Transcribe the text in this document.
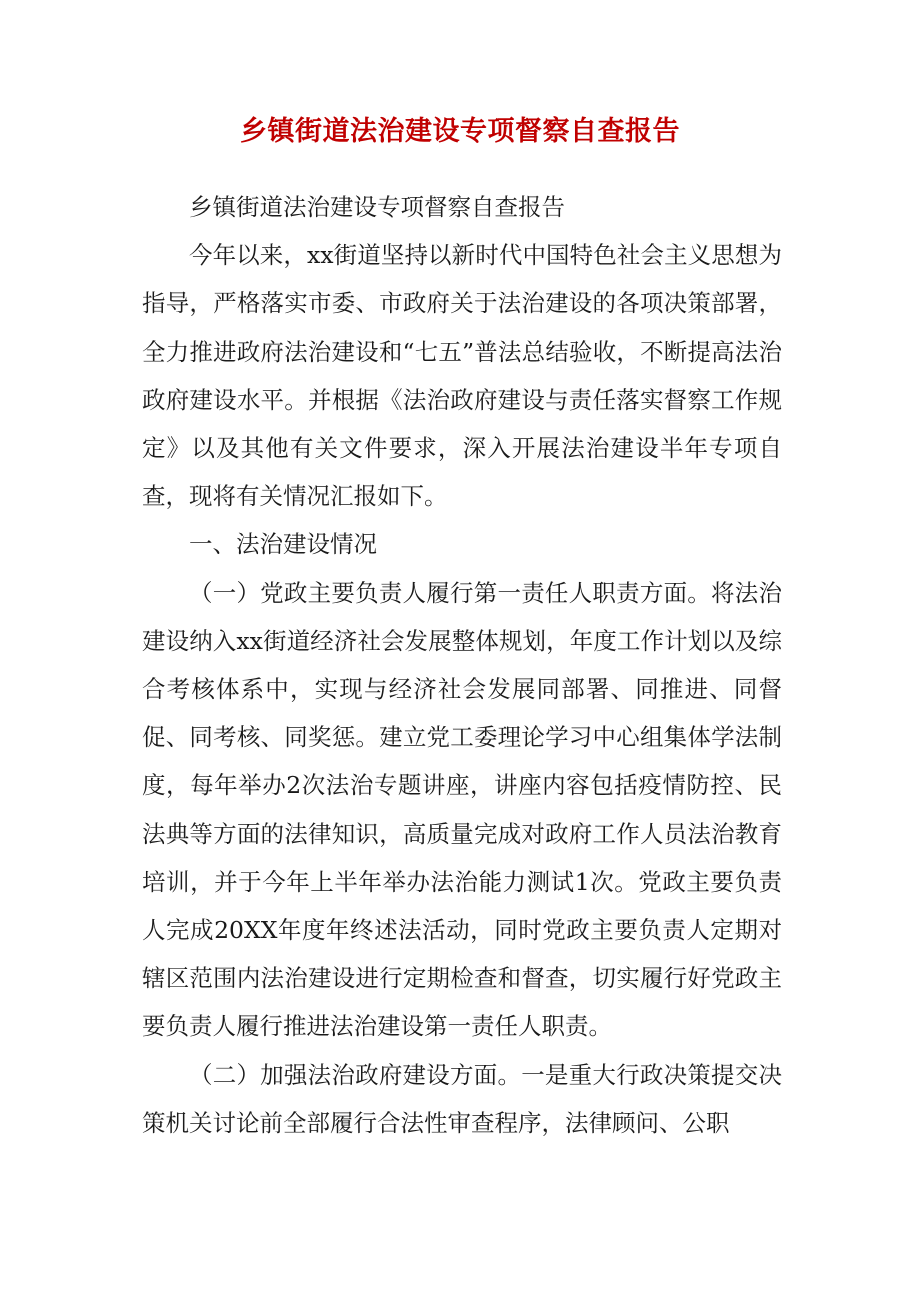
乡镇街道法治建设专项督察自查报告

乡镇街道法治建设专项督察自查报告

今年以来，xx街道坚持以新时代中国特色社会主义思想为指导，严格落实市委、市政府关于法治建设的各项决策部署，全力推进政府法治建设和“七五”普法总结验收，不断提高法治政府建设水平。并根据《法治政府建设与责任落实督察工作规定》以及其他有关文件要求，深入开展法治建设半年专项自查，现将有关情况汇报如下。

一、法治建设情况

（一）党政主要负责人履行第一责任人职责方面。将法治建设纳入xx街道经济社会发展整体规划，年度工作计划以及综合考核体系中，实现与经济社会发展同部署、同推进、同督促、同考核、同奖惩。建立党工委理论学习中心组集体学法制度，每年举办2次法治专题讲座，讲座内容包括疫情防控、民法典等方面的法律知识，高质量完成对政府工作人员法治教育培训，并于今年上半年举办法治能力测试1次。党政主要负责人完成20XX年度年终述法活动，同时党政主要负责人定期对辖区范围内法治建设进行定期检查和督查，切实履行好党政主要负责人履行推进法治建设第一责任人职责。

（二）加强法治政府建设方面。一是重大行政决策提交决策机关讨论前全部履行合法性审查程序，法律顾问、公职
